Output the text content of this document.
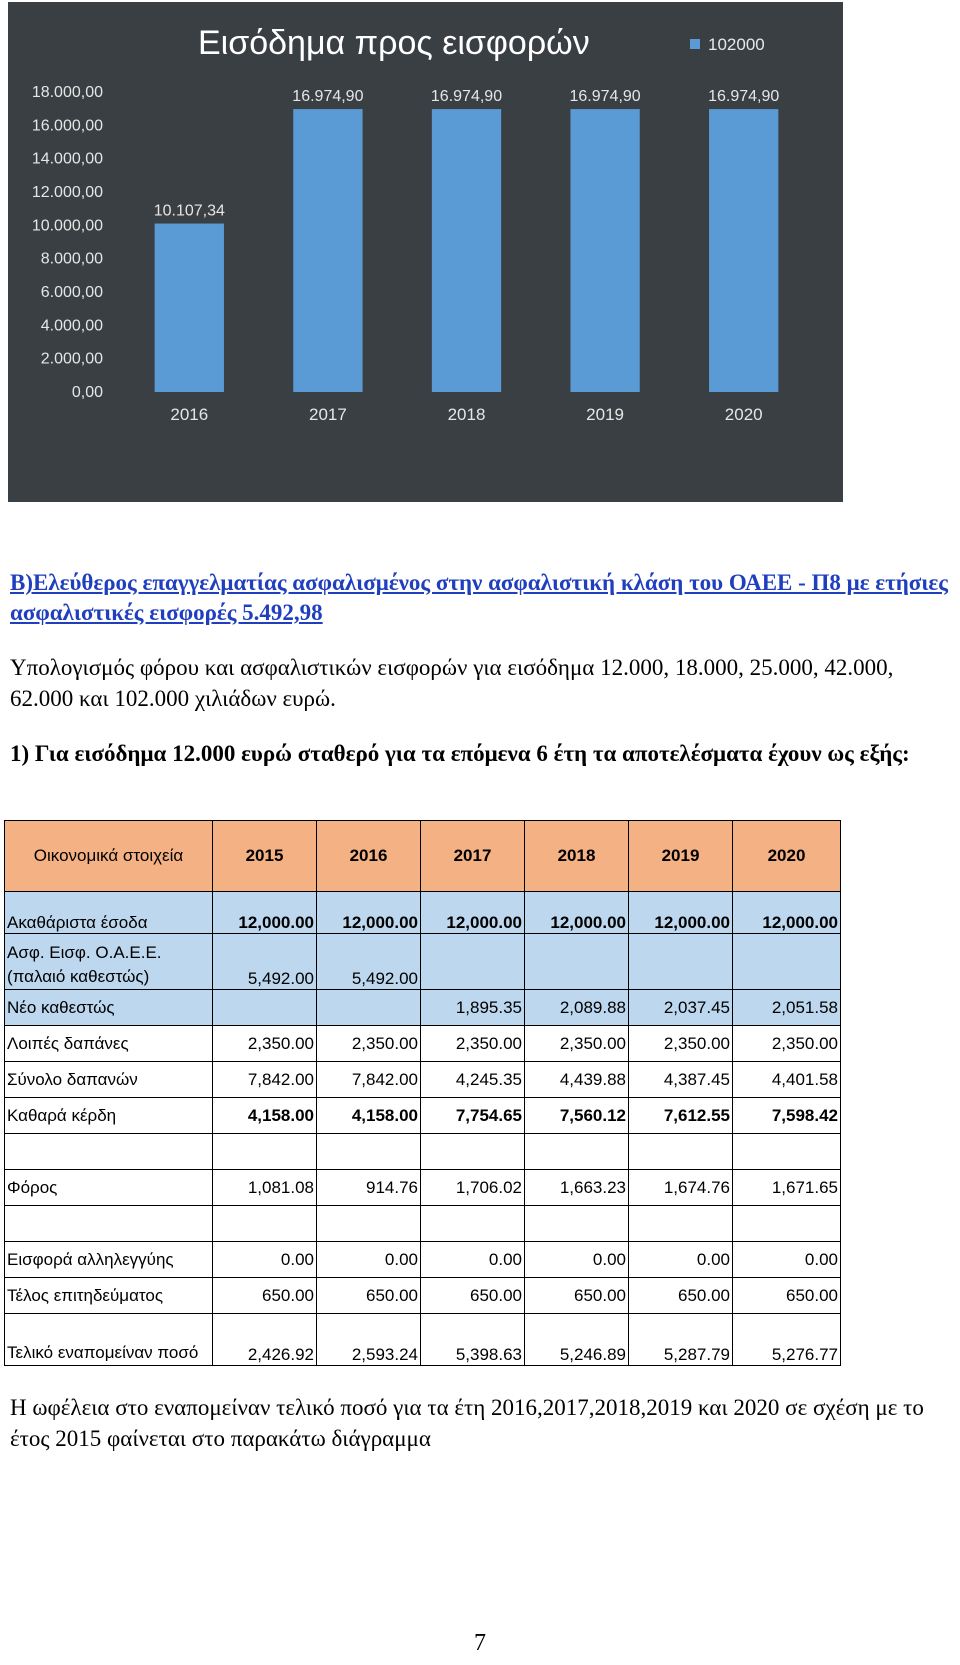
Εισόδημα προς εισφορών	102000
0,00
2.000,00
4.000,00
6.000,00
8.000,00
10.000,00
12.000,00
14.000,00
16.000,00
18.000,00
10.107,34
16.974,90	16.974,90	16.974,90	16.974,90
2016	2017	2018	2019	2020
B)Ελεύθερος επαγγελματίας ασφαλισμένος στην ασφαλιστική κλάση του ΟΑΕΕ - Π8 με ετήσιες ασφαλιστικές εισφορές 5.492,98
Υπολογισμός φόρου και ασφαλιστικών εισφορών για εισόδημα 12.000, 18.000, 25.000, 42.000, 62.000 και 102.000 χιλιάδων ευρώ.
1) Για εισόδημα 12.000 ευρώ σταθερό για τα επόμενα 6 έτη τα αποτελέσματα έχουν ως εξής:
Οικονομικά στοιχεία	2015	2016	2017	2018	2019	2020
Ακαθάριστα έσοδα	12,000.00	12,000.00	12,000.00	12,000.00	12,000.00	12,000.00
Ασφ. Εισφ. Ο.Α.Ε.Ε. (παλαιό καθεστώς)	5,492.00	5,492.00				
Νέο καθεστώς			1,895.35	2,089.88	2,037.45	2,051.58
Λοιπές δαπάνες	2,350.00	2,350.00	2,350.00	2,350.00	2,350.00	2,350.00
Σύνολο δαπανών	7,842.00	7,842.00	4,245.35	4,439.88	4,387.45	4,401.58
Καθαρά κέρδη	4,158.00	4,158.00	7,754.65	7,560.12	7,612.55	7,598.42

Φόρος	1,081.08	914.76	1,706.02	1,663.23	1,674.76	1,671.65

Εισφορά αλληλεγγύης	0.00	0.00	0.00	0.00	0.00	0.00
Τέλος επιτηδεύματος	650.00	650.00	650.00	650.00	650.00	650.00
Τελικό εναπομείναν ποσό	2,426.92	2,593.24	5,398.63	5,246.89	5,287.79	5,276.77
Η ωφέλεια στο εναπομείναν τελικό ποσό για τα έτη 2016,2017,2018,2019 και 2020 σε σχέση με το έτος 2015 φαίνεται στο παρακάτω διάγραμμα
7
